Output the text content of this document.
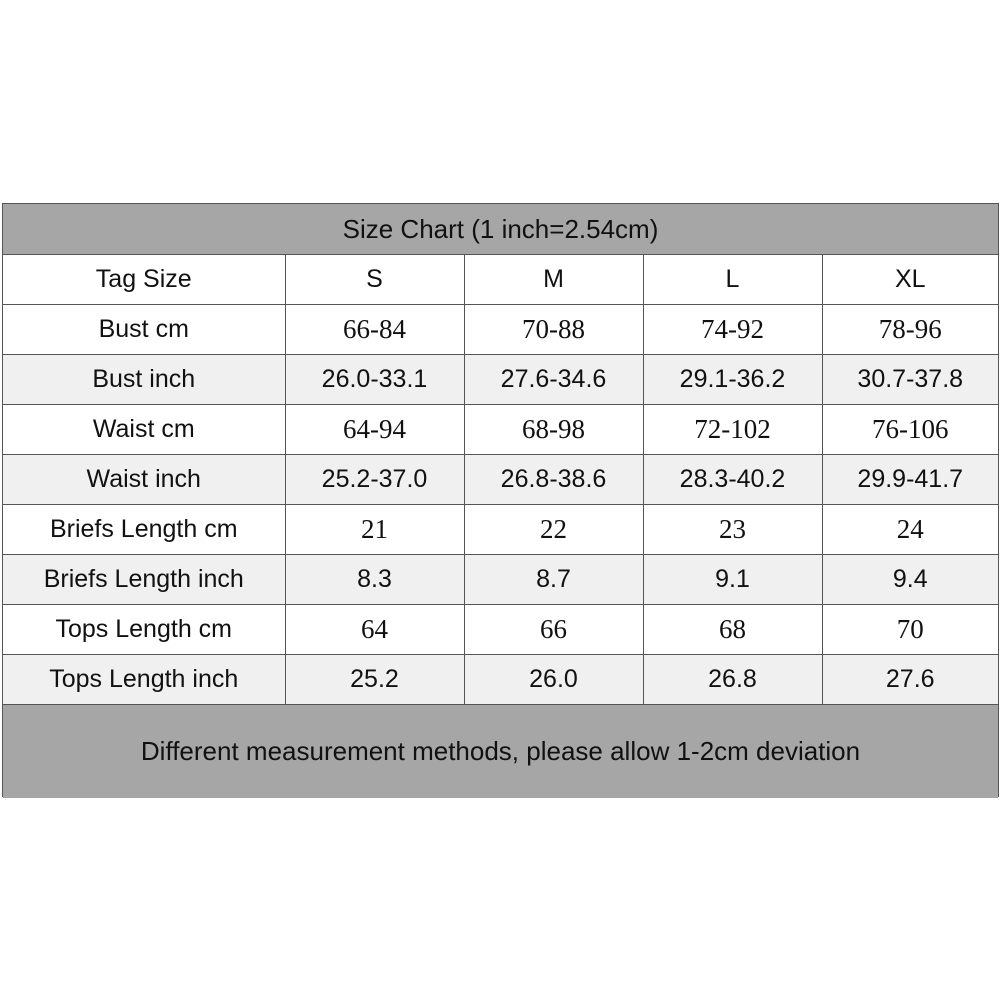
Size Chart (1 inch=2.54cm)
Tag Size	S	M	L	XL
Bust cm	66-84	70-88	74-92	78-96
Bust inch	26.0-33.1	27.6-34.6	29.1-36.2	30.7-37.8
Waist cm	64-94	68-98	72-102	76-106
Waist inch	25.2-37.0	26.8-38.6	28.3-40.2	29.9-41.7
Briefs Length cm	21	22	23	24
Briefs Length inch	8.3	8.7	9.1	9.4
Tops Length cm	64	66	68	70
Tops Length inch	25.2	26.0	26.8	27.6
Different measurement methods, please allow 1-2cm deviation
